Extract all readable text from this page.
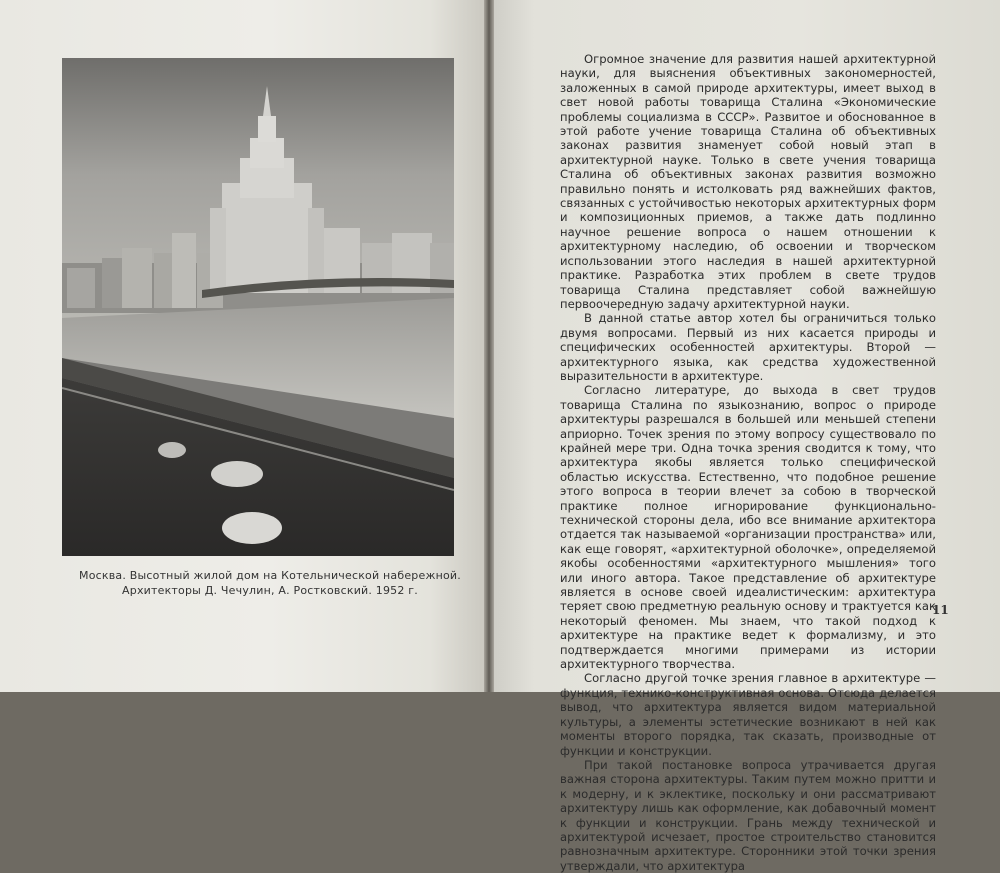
Москва. Высотный жилой дом на Котельнической набережной.
Архитекторы Д. Чечулин, А. Ростковский. 1952 г.

Огромное значение для развития нашей архитектурной науки, для выяснения объективных закономерностей, заложенных в самой природе архитектуры, имеет выход в свет новой работы товарища Сталина «Экономические проблемы социализма в СССР». Развитое и обоснованное в этой работе учение товарища Сталина об объективных законах развития знаменует собой новый этап в архитектурной науке. Только в свете учения товарища Сталина об объективных законах развития возможно правильно понять и истолковать ряд важнейших фактов, связанных с устойчивостью некоторых архитектурных форм и композиционных приемов, а также дать подлинно научное решение вопроса о нашем отношении к архитектурному наследию, об освоении и творческом использовании этого наследия в нашей архитектурной практике. Разработка этих проблем в свете трудов товарища Сталина представляет собой важнейшую первоочередную задачу архитектурной науки.

В данной статье автор хотел бы ограничиться только двумя вопросами. Первый из них касается природы и специфических особенностей архитектуры. Второй — архитектурного языка, как средства художественной выразительности в архитектуре.

Согласно литературе, до выхода в свет трудов товарища Сталина по языкознанию, вопрос о природе архитектуры разрешался в большей или меньшей степени априорно. Точек зрения по этому вопросу существовало по крайней мере три. Одна точка зрения сводится к тому, что архитектура якобы является только специфической областью искусства. Естественно, что подобное решение этого вопроса в теории влечет за собою в творческой практике полное игнорирование функционально-технической стороны дела, ибо все внимание архитектора отдается так называемой «организации пространства» или, как еще говорят, «архитектурной оболочке», определяемой якобы особенностями «архитектурного мышления» того или иного автора. Такое представление об архитектуре является в основе своей идеалистическим: архитектура теряет свою предметную реальную основу и трактуется как некоторый феномен. Мы знаем, что такой подход к архитектуре на практике ведет к формализму, и это подтверждается многими примерами из истории архитектурного творчества.

Согласно другой точке зрения главное в архитектуре — функция, технико-конструктивная основа. Отсюда делается вывод, что архитектура является видом материальной культуры, а элементы эстетические возникают в ней как моменты второго порядка, так сказать, производные от функции и конструкции.

При такой постановке вопроса утрачивается другая важная сторона архитектуры. Таким путем можно притти и к модерну, и к эклектике, поскольку и они рассматривают архитектуру лишь как оформление, как добавочный момент к функции и конструкции. Грань между технической и архитектурой исчезает, простое строительство становится равнозначным архитектуре. Сторонники этой точки зрения утверждали, что архитектура

11
